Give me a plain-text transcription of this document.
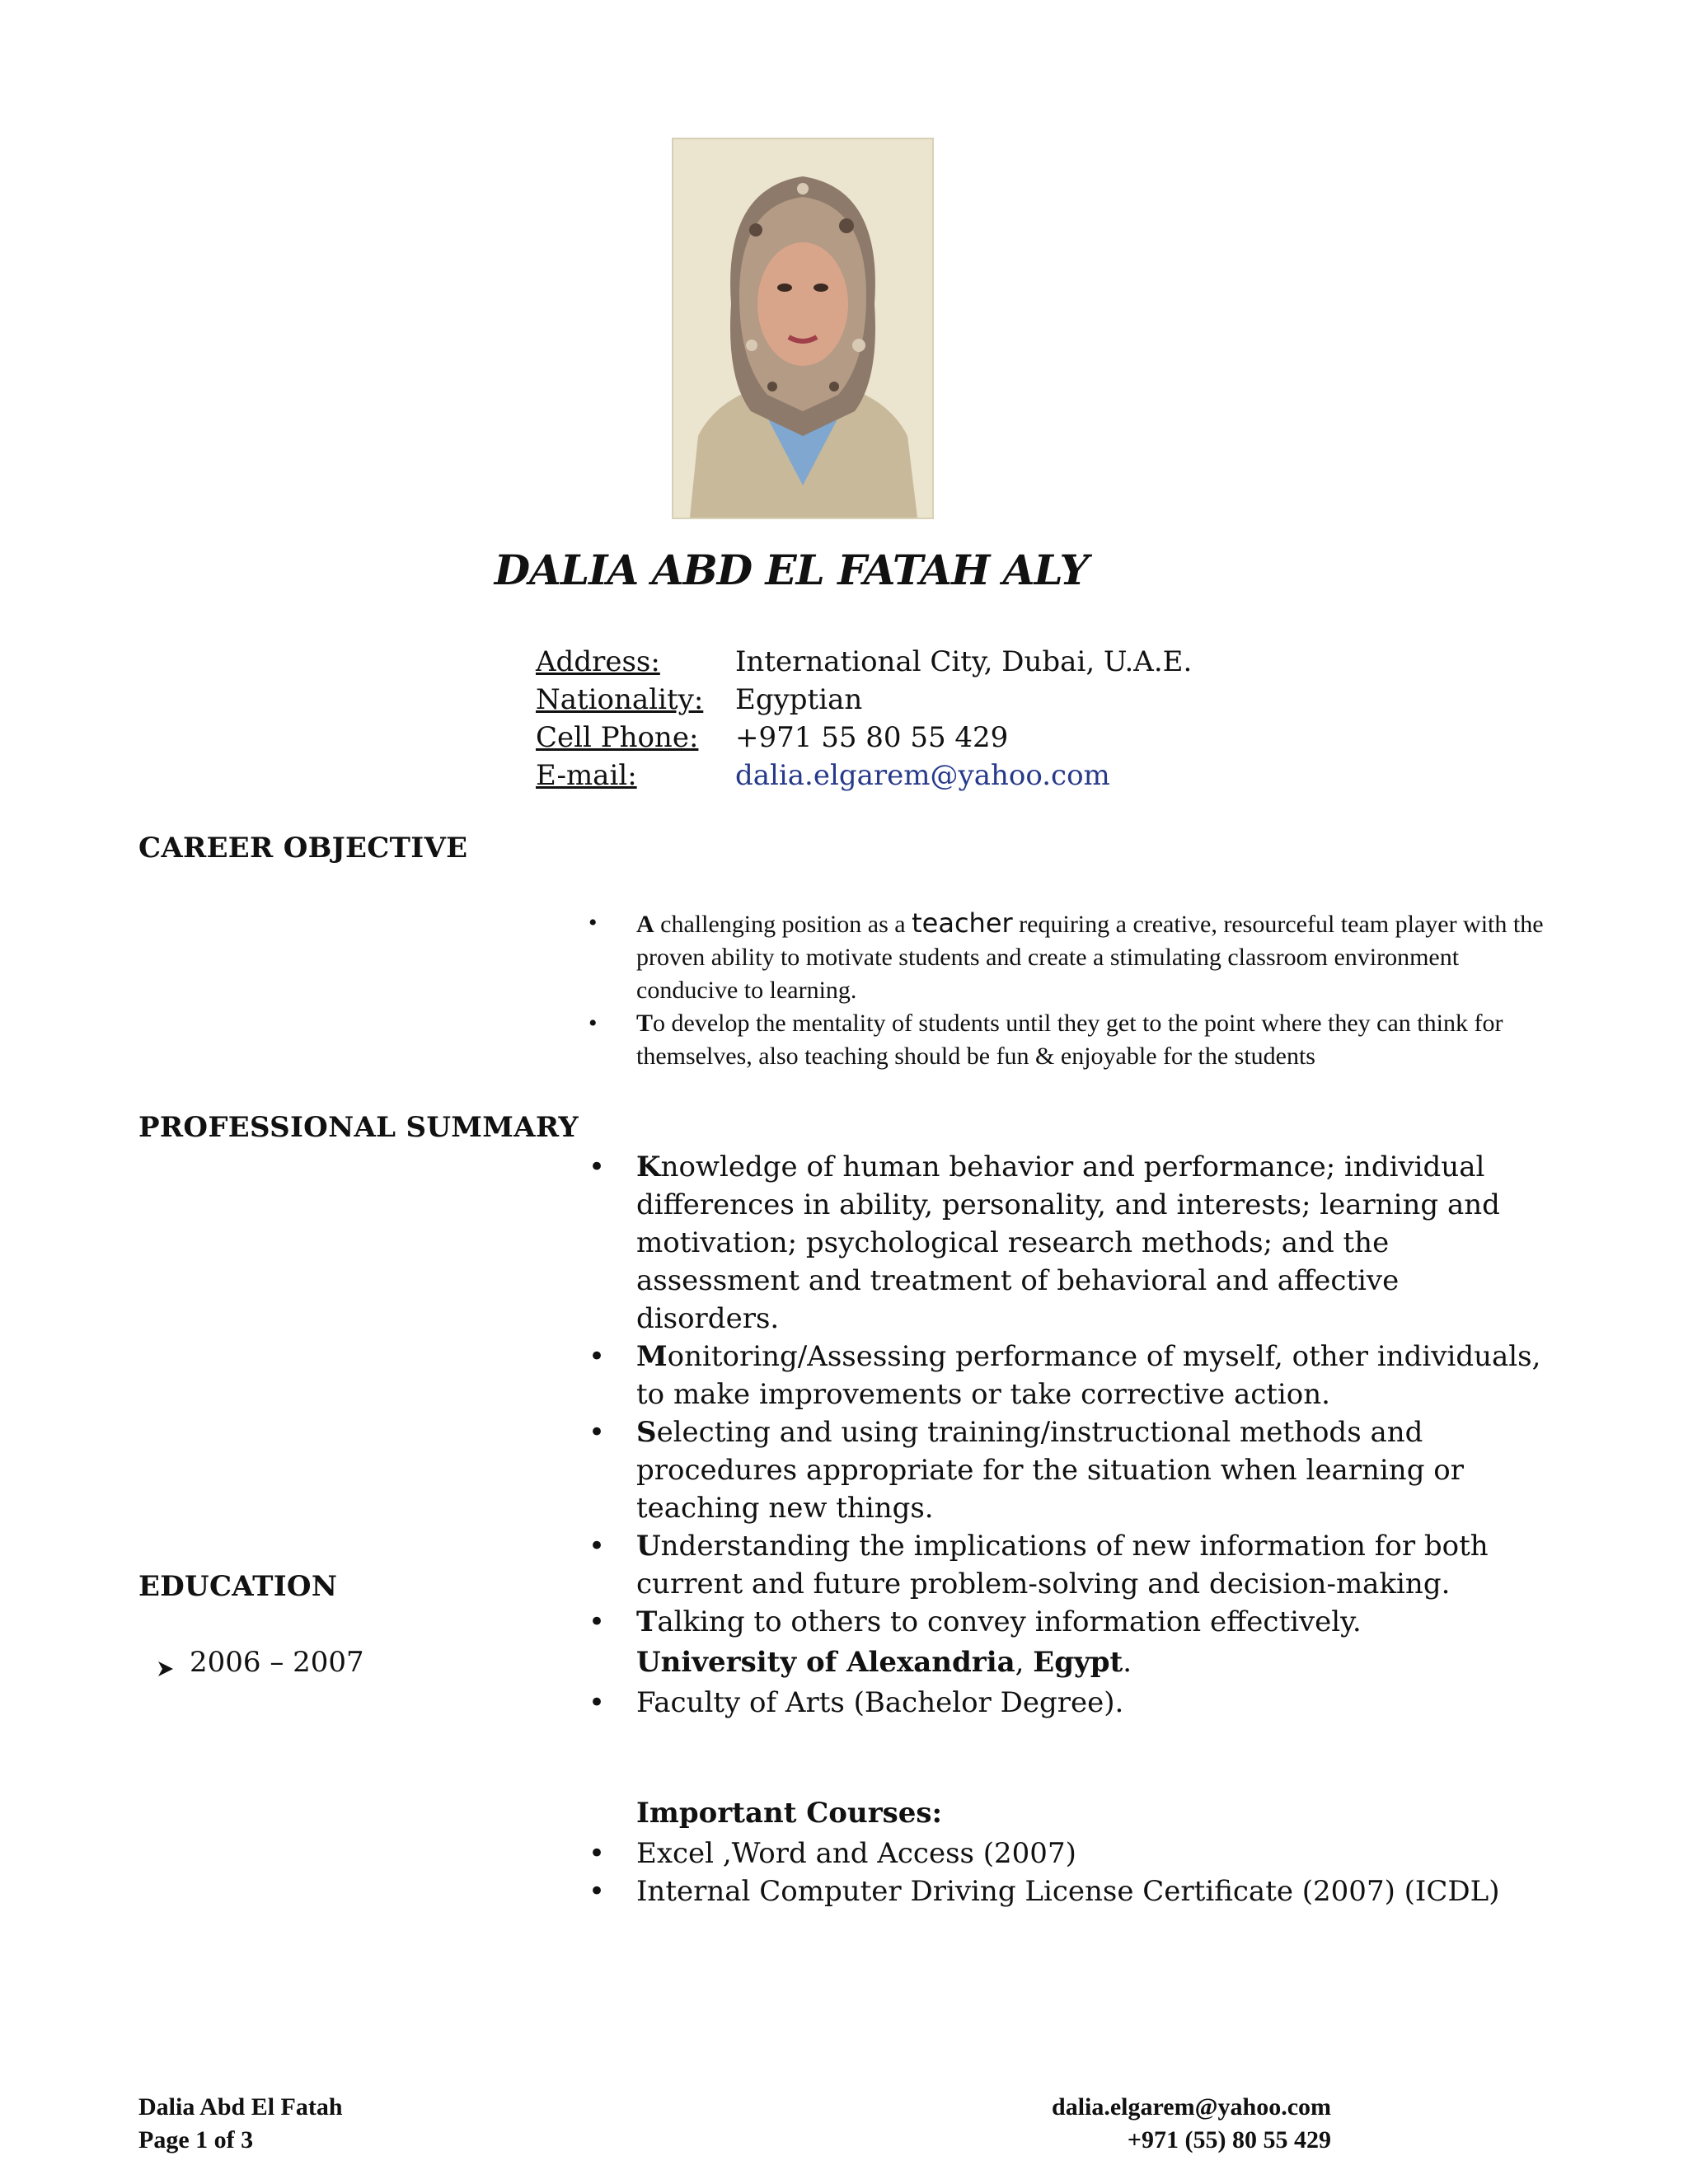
DALIA ABD EL FATAH ALY
Address:	International City, Dubai, U.A.E.
Nationality:	Egyptian
Cell Phone:	+971 55 80 55 429
E-mail:	dalia.elgarem@yahoo.com
CAREER OBJECTIVE
• A challenging position as a teacher requiring a creative, resourceful team player with the proven ability to motivate students and create a stimulating classroom environment conducive to learning.
• To develop the mentality of students until they get to the point where they can think for themselves, also teaching should be fun & enjoyable for the students
PROFESSIONAL SUMMARY
• Knowledge of human behavior and performance; individual differences in ability, personality, and interests; learning and motivation; psychological research methods; and the assessment and treatment of behavioral and affective disorders.
• Monitoring/Assessing performance of myself, other individuals, to make improvements or take corrective action.
• Selecting and using training/instructional methods and procedures appropriate for the situation when learning or teaching new things.
• Understanding the implications of new information for both current and future problem-solving and decision-making.
• Talking to others to convey information effectively.
EDUCATION
2006 – 2007	University of Alexandria, Egypt.
• Faculty of Arts (Bachelor Degree).
Important Courses:
• Excel ,Word and Access (2007)
• Internal Computer Driving License Certificate (2007) (ICDL)
Dalia Abd El Fatah
Page 1 of 3
dalia.elgarem@yahoo.com
+971 (55) 80 55 429
